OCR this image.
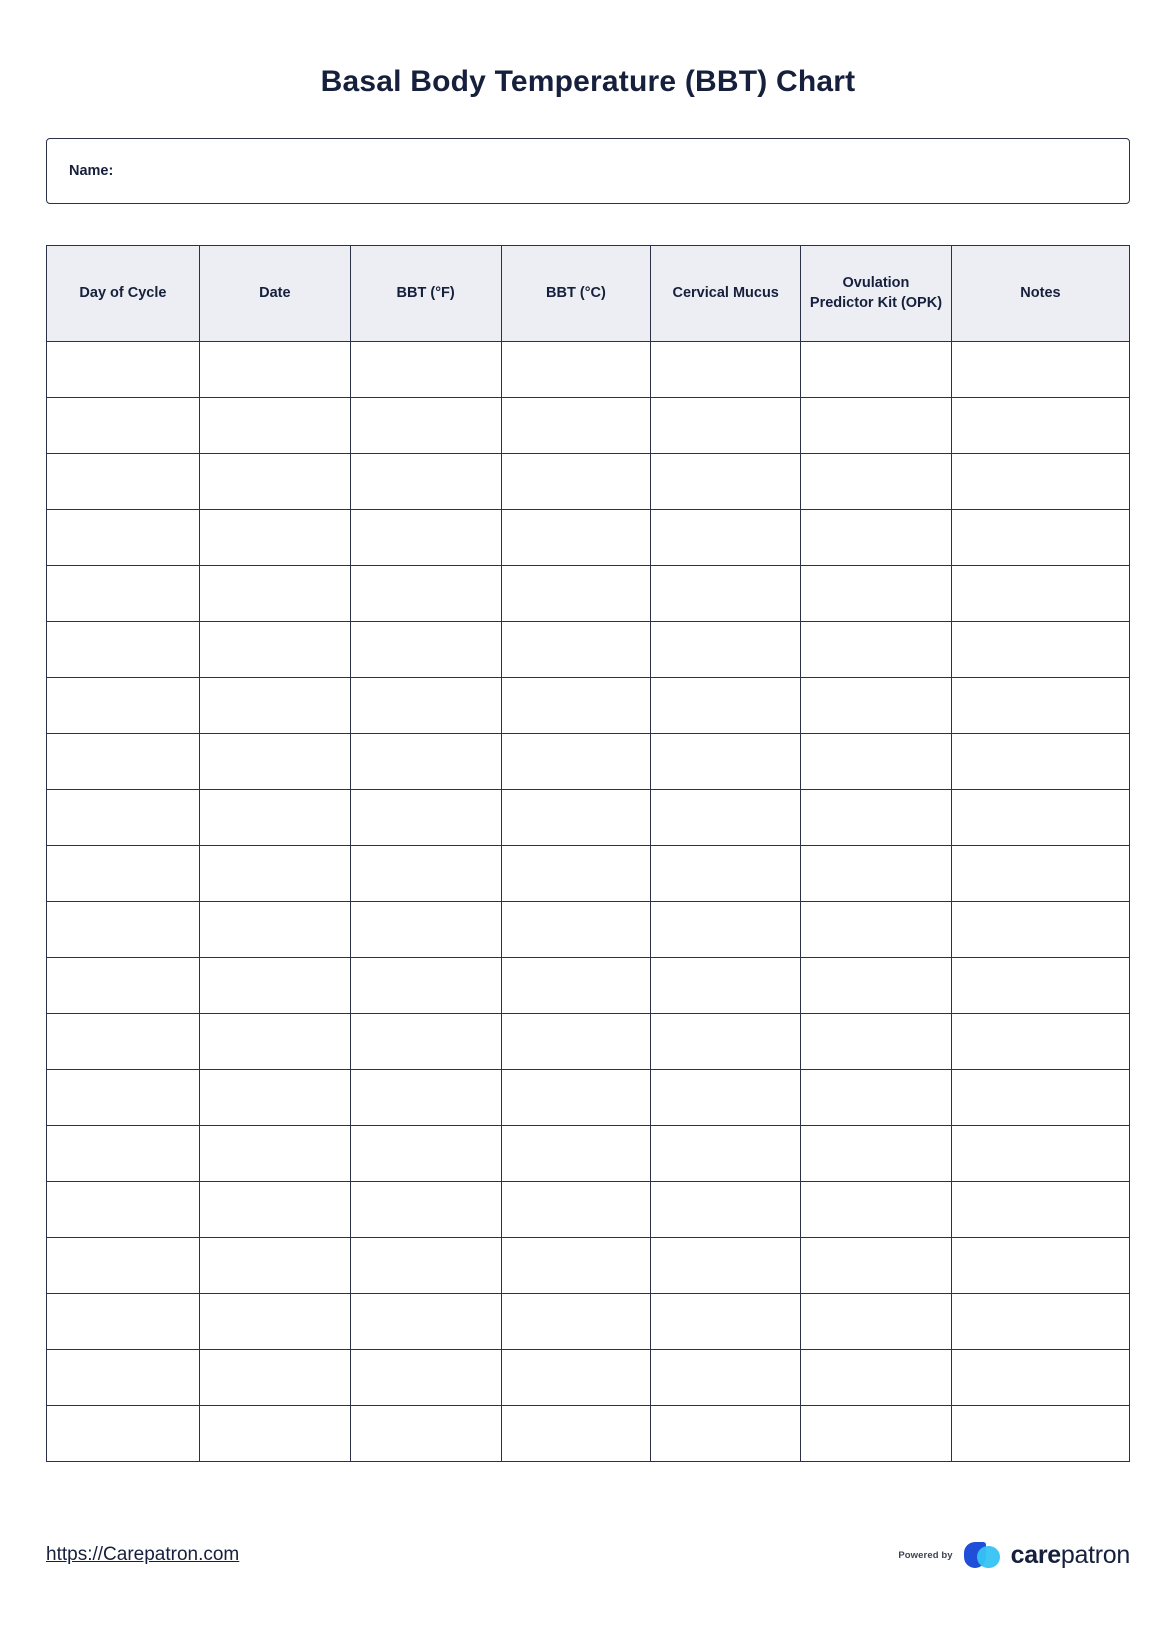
Basal Body Temperature (BBT) Chart
Name:
Day of Cycle	Date	BBT (°F)	BBT (°C)	Cervical Mucus	Ovulation Predictor Kit (OPK)	Notes

https://Carepatron.com	Powered by carepatron
